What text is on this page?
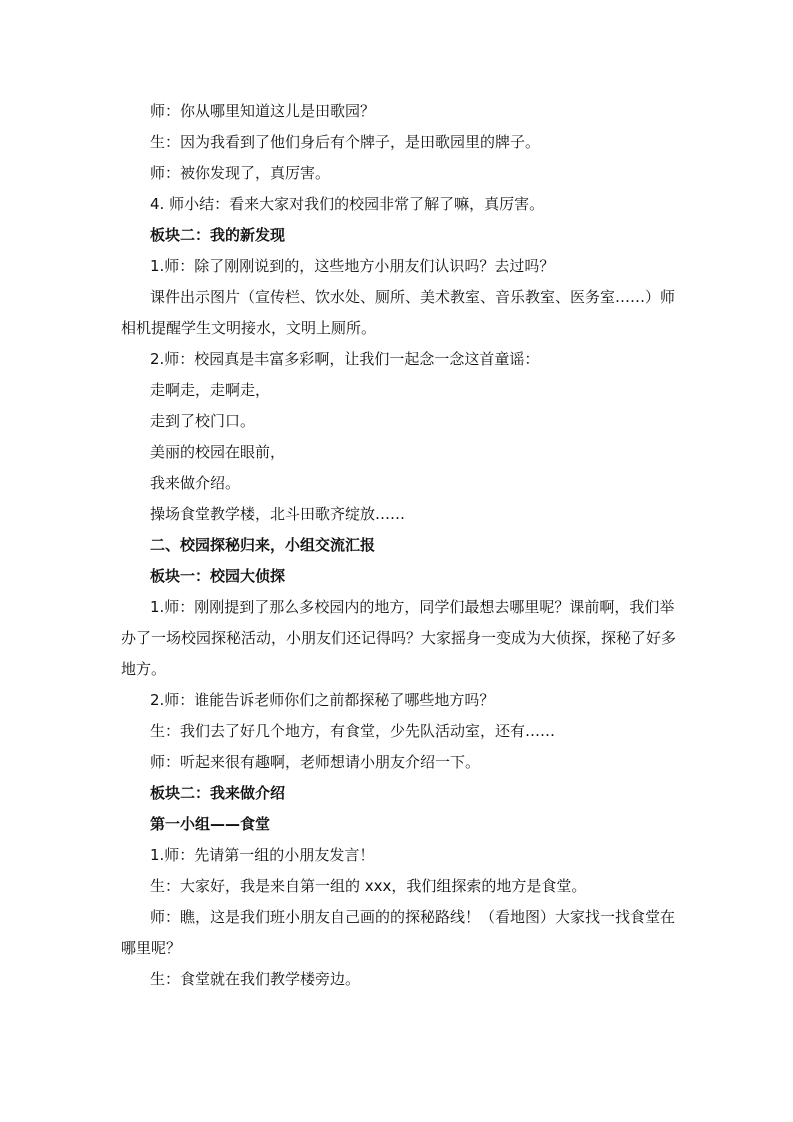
师：你从哪里知道这儿是田歌园？

生：因为我看到了他们身后有个牌子，是田歌园里的牌子。

师：被你发现了，真厉害。

4. 师小结：看来大家对我们的校园非常了解了嘛，真厉害。

板块二：我的新发现

1.师：除了刚刚说到的，这些地方小朋友们认识吗？去过吗？

课件出示图片（宣传栏、饮水处、厕所、美术教室、音乐教室、医务室……）师相机提醒学生文明接水，文明上厕所。

2.师：校园真是丰富多彩啊，让我们一起念一念这首童谣：

走啊走，走啊走，

走到了校门口。

美丽的校园在眼前，

我来做介绍。

操场食堂教学楼，北斗田歌齐绽放……

二、校园探秘归来，小组交流汇报

板块一：校园大侦探

1.师：刚刚提到了那么多校园内的地方，同学们最想去哪里呢？课前啊，我们举办了一场校园探秘活动，小朋友们还记得吗？大家摇身一变成为大侦探，探秘了好多地方。

2.师：谁能告诉老师你们之前都探秘了哪些地方吗？

生：我们去了好几个地方，有食堂，少先队活动室，还有……

师：听起来很有趣啊，老师想请小朋友介绍一下。

板块二：我来做介绍

第一小组——食堂

1.师：先请第一组的小朋友发言！

生：大家好，我是来自第一组的 xxx，我们组探索的地方是食堂。

师：瞧，这是我们班小朋友自己画的的探秘路线！（看地图）大家找一找食堂在哪里呢？

生：食堂就在我们教学楼旁边。
